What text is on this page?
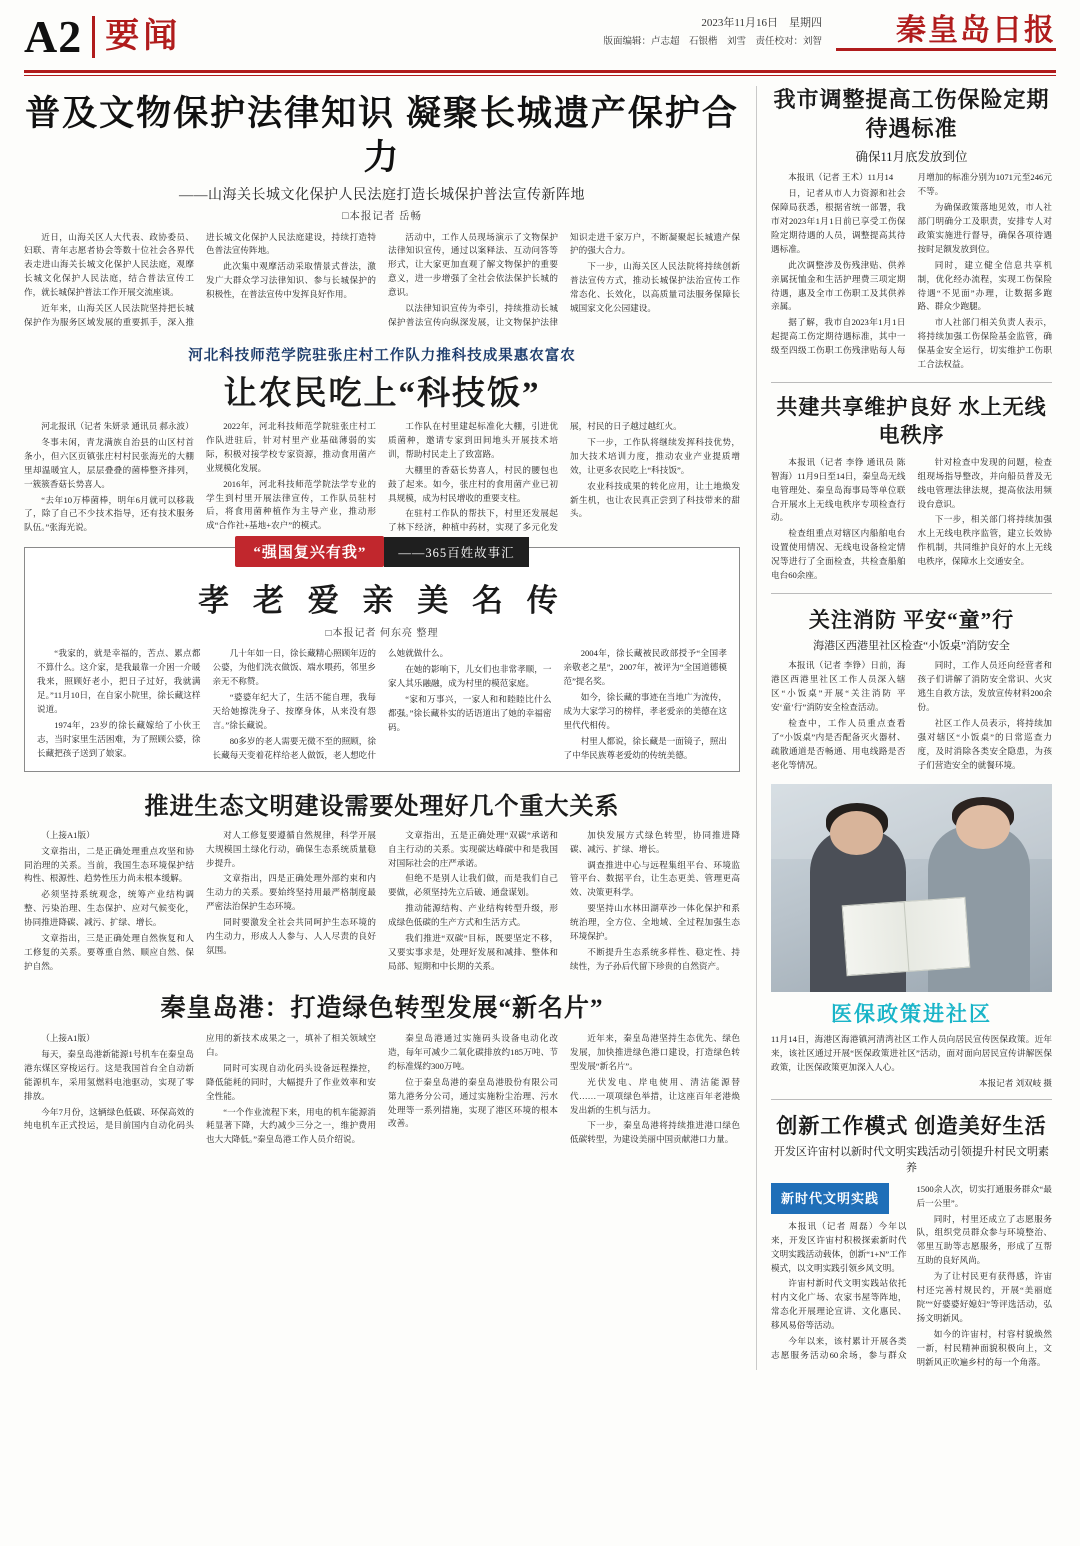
A2 要闻	2023年11月16日　星期四
版面编辑：卢志超　石银楷　刘雪　责任校对：刘智	秦皇岛日报
普及文物保护法律知识 凝聚长城遗产保护合力
——山海关长城文化保护人民法庭打造长城保护普法宣传新阵地
□本报记者 岳畅

近日，山海关区人大代表、政协委员、妇联、青年志愿者协会等数十位社会各界代表走进山海关长城文化保护人民法庭，观摩长城文化保护人民法庭，结合普法宣传工作，就长城保护普法工作开展交流座谈。

近年来，山海关区人民法院坚持把长城保护作为服务区域发展的重要抓手，深入推进长城文化保护人民法庭建设，持续打造特色普法宣传阵地。

此次集中观摩活动采取情景式普法，激发广大群众学习法律知识、参与长城保护的积极性，在普法宣传中发挥良好作用。

活动中，工作人员现场演示了文物保护法律知识宣传，通过以案释法、互动问答等形式，让大家更加直观了解文物保护的重要意义，进一步增强了全社会依法保护长城的意识。

以法律知识宣传为牵引，持续推动长城保护普法宣传向纵深发展，让文物保护法律知识走进千家万户，不断凝聚起长城遗产保护的强大合力。

下一步，山海关区人民法院将持续创新普法宣传方式，推动长城保护法治宣传工作常态化、长效化，以高质量司法服务保障长城国家文化公园建设。

河北科技师范学院驻张庄村工作队力推科技成果惠农富农
让农民吃上“科技饭”

河北报讯（记者 朱妍录 通讯员 郝永波）

冬事未闲，青龙满族自治县的山区村首条小，但六区页镇张庄村村民张海光的大棚里却温暖宜人，层层叠叠的菌棒整齐排列，一簇簇香菇长势喜人。

“去年10万棒菌棒，明年6月就可以移栽了，除了自己不少技术指导，还有技术服务队伍。”张海光说。

2022年，河北科技师范学院驻张庄村工作队进驻后，针对村里产业基础薄弱的实际，积极对接学校专家资源，推动食用菌产业规模化发展。

2016年，河北科技师范学院法学专业的学生到村里开展法律宣传，工作队员驻村后，将食用菌种植作为主导产业，推动形成“合作社+基地+农户”的模式。

工作队在村里建起标准化大棚，引进优质菌种，邀请专家到田间地头开展技术培训，帮助村民走上了致富路。

大棚里的香菇长势喜人，村民的腰包也鼓了起来。如今，张庄村的食用菌产业已初具规模，成为村民增收的重要支柱。

在驻村工作队的帮扶下，村里还发展起了林下经济，种植中药材，实现了多元化发展，村民的日子越过越红火。

下一步，工作队将继续发挥科技优势，加大技术培训力度，推动农业产业提质增效，让更多农民吃上“科技饭”。

农业科技成果的转化应用，让土地焕发新生机，也让农民真正尝到了科技带来的甜头。

“强国复兴有我”	——365百姓故事汇
孝 老 爱 亲 美 名 传
□本报记者 何东亮 整理

“我家的，就是幸福的，苦点、累点都不算什么。这介家，是我最靠一介困一介暖我来，照顾好老小，把日子过好，我就满足。”11月10日，在自家小院里，徐长藏这样说道。

1974年，23岁的徐长藏嫁给了小伙王志，当时家里生活困难，为了照顾公婆，徐长藏把孩子送到了娘家。

几十年如一日，徐长藏精心照顾年迈的公婆，为他们洗衣做饭、端水喂药，邻里乡亲无不称赞。

“婆婆年纪大了，生活不能自理，我每天给她擦洗身子、按摩身体，从来没有怨言。”徐长藏说。

80多岁的老人需要无微不至的照顾，徐长藏每天变着花样给老人做饭，老人想吃什么她就做什么。

在她的影响下，儿女们也非常孝顺，一家人其乐融融，成为村里的模范家庭。

“家和万事兴，一家人和和睦睦比什么都强。”徐长藏朴实的话语道出了她的幸福密码。

2004年，徐长藏被民政部授予“全国孝亲敬老之星”，2007年，被评为“全国道德模范”提名奖。

如今，徐长藏的事迹在当地广为流传，成为大家学习的榜样，孝老爱亲的美德在这里代代相传。

村里人都说，徐长藏是一面镜子，照出了中华民族尊老爱幼的传统美德。

推进生态文明建设需要处理好几个重大关系

（上接A1版）

文章指出，二是正确处理重点攻坚和协同治理的关系。当前，我国生态环境保护结构性、根源性、趋势性压力尚未根本缓解。

必须坚持系统观念，统筹产业结构调整、污染治理、生态保护、应对气候变化，协同推进降碳、减污、扩绿、增长。

文章指出，三是正确处理自然恢复和人工修复的关系。要尊重自然、顺应自然、保护自然。

对人工修复要遵循自然规律，科学开展大规模国土绿化行动，确保生态系统质量稳步提升。

文章指出，四是正确处理外部约束和内生动力的关系。要始终坚持用最严格制度最严密法治保护生态环境。

同时要激发全社会共同呵护生态环境的内生动力，形成人人参与、人人尽责的良好氛围。

文章指出，五是正确处理“双碳”承诺和自主行动的关系。实现碳达峰碳中和是我国对国际社会的庄严承诺。

但绝不是别人让我们做，而是我们自己要做，必须坚持先立后破、通盘谋划。

推动能源结构、产业结构转型升级，形成绿色低碳的生产方式和生活方式。

我们推进“双碳”目标，既要坚定不移，又要实事求是，处理好发展和减排、整体和局部、短期和中长期的关系。

加快发展方式绿色转型，协同推进降碳、减污、扩绿、增长。

调查推进中心与远程集组平台、环境监管平台、数据平台，让生态更美、管理更高效、决策更科学。

要坚持山水林田湖草沙一体化保护和系统治理，全方位、全地域、全过程加强生态环境保护。

不断提升生态系统多样性、稳定性、持续性，为子孙后代留下珍贵的自然资产。

秦皇岛港：打造绿色转型发展“新名片”

（上接A1版）

每天，秦皇岛港新能源1号机车在秦皇岛港东煤区穿梭运行。这是我国首台全自动新能源机车，采用氢燃料电池驱动，实现了零排放。

今年7月份，这辆绿色低碳、环保高效的纯电机车正式投运，是目前国内自动化码头应用的新技术成果之一，填补了相关领域空白。

同时可实现自动化码头设备远程操控，降低能耗的同时，大幅提升了作业效率和安全性能。

“一个作业流程下来，用电的机车能源消耗显著下降，大约减少三分之一，维护费用也大大降低。”秦皇岛港工作人员介绍说。

秦皇岛港通过实施码头设备电动化改造，每年可减少二氧化碳排放约185万吨、节约标准煤约300万吨。

位于秦皇岛港的秦皇岛港股份有限公司第九港务分公司，通过实施粉尘治理、污水处理等一系列措施，实现了港区环境的根本改善。

近年来，秦皇岛港坚持生态优先、绿色发展，加快推进绿色港口建设，打造绿色转型发展“新名片”。

光伏发电、岸电使用、清洁能源替代……一项项绿色举措，让这座百年老港焕发出新的生机与活力。

下一步，秦皇岛港将持续推进港口绿色低碳转型，为建设美丽中国贡献港口力量。

我市调整提高工伤保险定期待遇标准
确保11月底发放到位

本报讯（记者 王术）11月14

日，记者从市人力资源和社会保障局获悉，根据省统一部署，我市对2023年1月1日前已享受工伤保险定期待遇的人员，调整提高其待遇标准。

此次调整涉及伤残津贴、供养亲属抚恤金和生活护理费三项定期待遇，惠及全市工伤职工及其供养亲属。

据了解，我市自2023年1月1日起提高工伤定期待遇标准，其中一级至四级工伤职工伤残津贴每人每月增加的标准分别为1071元至246元不等。

为确保政策落地见效，市人社部门明确分工及职责，安排专人对政策实施进行督导，确保各项待遇按时足额发放到位。

同时，建立健全信息共享机制，优化经办流程，实现工伤保险待遇“不见面”办理，让数据多跑路、群众少跑腿。

市人社部门相关负责人表示，将持续加强工伤保险基金监管，确保基金安全运行，切实维护工伤职工合法权益。

共建共享维护良好 水上无线电秩序

本报讯（记者 李铮 通讯员 陈智海）11月9日至14日，秦皇岛无线电管理处、秦皇岛海事局等单位联合开展水上无线电秩序专项检查行动。

检查组重点对辖区内船舶电台设置使用情况、无线电设备检定情况等进行了全面检查，共检查船舶电台60余座。

针对检查中发现的问题，检查组现场指导整改，并向船员普及无线电管理法律法规，提高依法用频设台意识。

下一步，相关部门将持续加强水上无线电秩序监管，建立长效协作机制，共同维护良好的水上无线电秩序，保障水上交通安全。

关注消防 平安“童”行
海港区西港里社区检查“小饭桌”消防安全

本报讯（记者 李铮）日前，海港区西港里社区工作人员深入辖区“小饭桌”开展“关注消防 平安‘童’行”消防安全检查活动。

检查中，工作人员重点查看了“小饭桌”内是否配备灭火器材、疏散通道是否畅通、用电线路是否老化等情况。

同时，工作人员还向经营者和孩子们讲解了消防安全常识、火灾逃生自救方法，发放宣传材料200余份。

社区工作人员表示，将持续加强对辖区“小饭桌”的日常巡查力度，及时消除各类安全隐患，为孩子们营造安全的就餐环境。

医保政策进社区
11月14日，海港区海港镇河清湾社区工作人员向居民宣传医保政策。近年来，该社区通过开展“医保政策进社区”活动，面对面向居民宣传讲解医保政策，让医保政策更加深入人心。
本报记者 刘双岐 摄
创新工作模式 创造美好生活
开发区许宙村以新时代文明实践活动引领提升村民文明素养
新时代文明实践

本报讯（记者 周磊）今年以来，开发区许宙村积极探索新时代文明实践活动载体，创新“1+N”工作模式，以文明实践引领乡风文明。

许宙村新时代文明实践站依托村内文化广场、农家书屋等阵地，常态化开展理论宣讲、文化惠民、移风易俗等活动。

今年以来，该村累计开展各类志愿服务活动60余场，参与群众1500余人次，切实打通服务群众“最后一公里”。

同时，村里还成立了志愿服务队，组织党员群众参与环境整治、邻里互助等志愿服务，形成了互帮互助的良好风尚。

为了让村民更有获得感，许宙村还完善村规民约，开展“美丽庭院”“好婆婆好媳妇”等评选活动，弘扬文明新风。

如今的许宙村，村容村貌焕然一新，村民精神面貌积极向上，文明新风正吹遍乡村的每一个角落。
